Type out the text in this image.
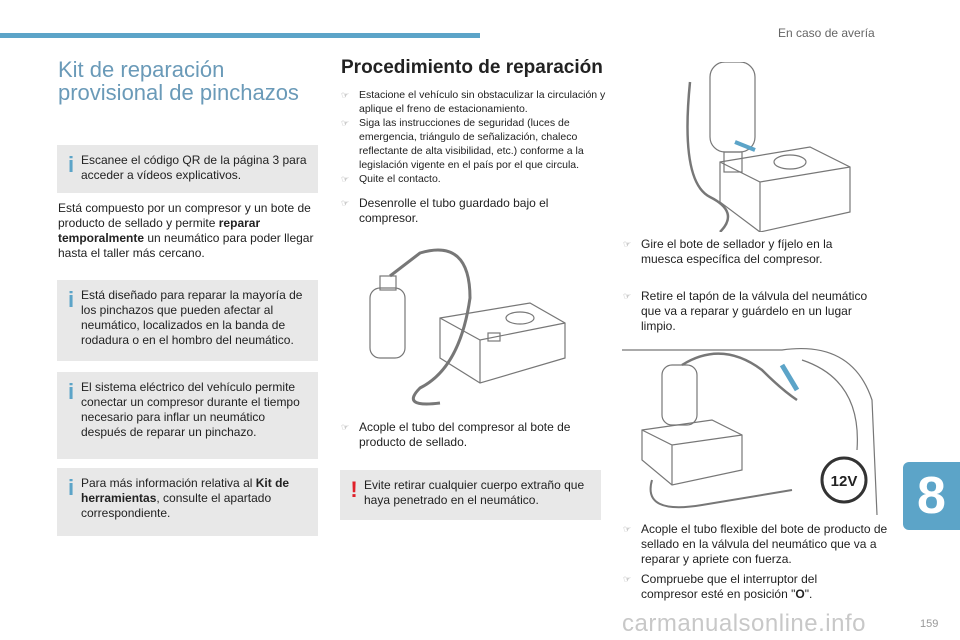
En caso de avería
Kit de reparación provisional de pinchazos
i Escanee el código QR de la página 3 para acceder a vídeos explicativos.
Está compuesto por un compresor y un bote de producto de sellado y permite reparar temporalmente un neumático para poder llegar hasta el taller más cercano.
i Está diseñado para reparar la mayoría de los pinchazos que pueden afectar al neumático, localizados en la banda de rodadura o en el hombro del neumático.
i El sistema eléctrico del vehículo permite conectar un compresor durante el tiempo necesario para inflar un neumático después de reparar un pinchazo.
i Para más información relativa al Kit de herramientas, consulte el apartado correspondiente.
Procedimiento de reparación
☞ Estacione el vehículo sin obstaculizar la circulación y aplique el freno de estacionamiento.
☞ Siga las instrucciones de seguridad (luces de emergencia, triángulo de señalización, chaleco reflectante de alta visibilidad, etc.) conforme a la legislación vigente en el país por el que circula.
☞ Quite el contacto.
☞ Desenrolle el tubo guardado bajo el compresor.
☞ Acople el tubo del compresor al bote de producto de sellado.
! Evite retirar cualquier cuerpo extraño que haya penetrado en el neumático.
☞ Gire el bote de sellador y fíjelo en la muesca específica del compresor.
☞ Retire el tapón de la válvula del neumático que va a reparar y guárdelo en un lugar limpio.
12V
☞ Acople el tubo flexible del bote de producto de sellado en la válvula del neumático que va a reparar y apriete con fuerza.
☞ Compruebe que el interruptor del compresor esté en posición "O".
8
carmanualsonline.info	159
